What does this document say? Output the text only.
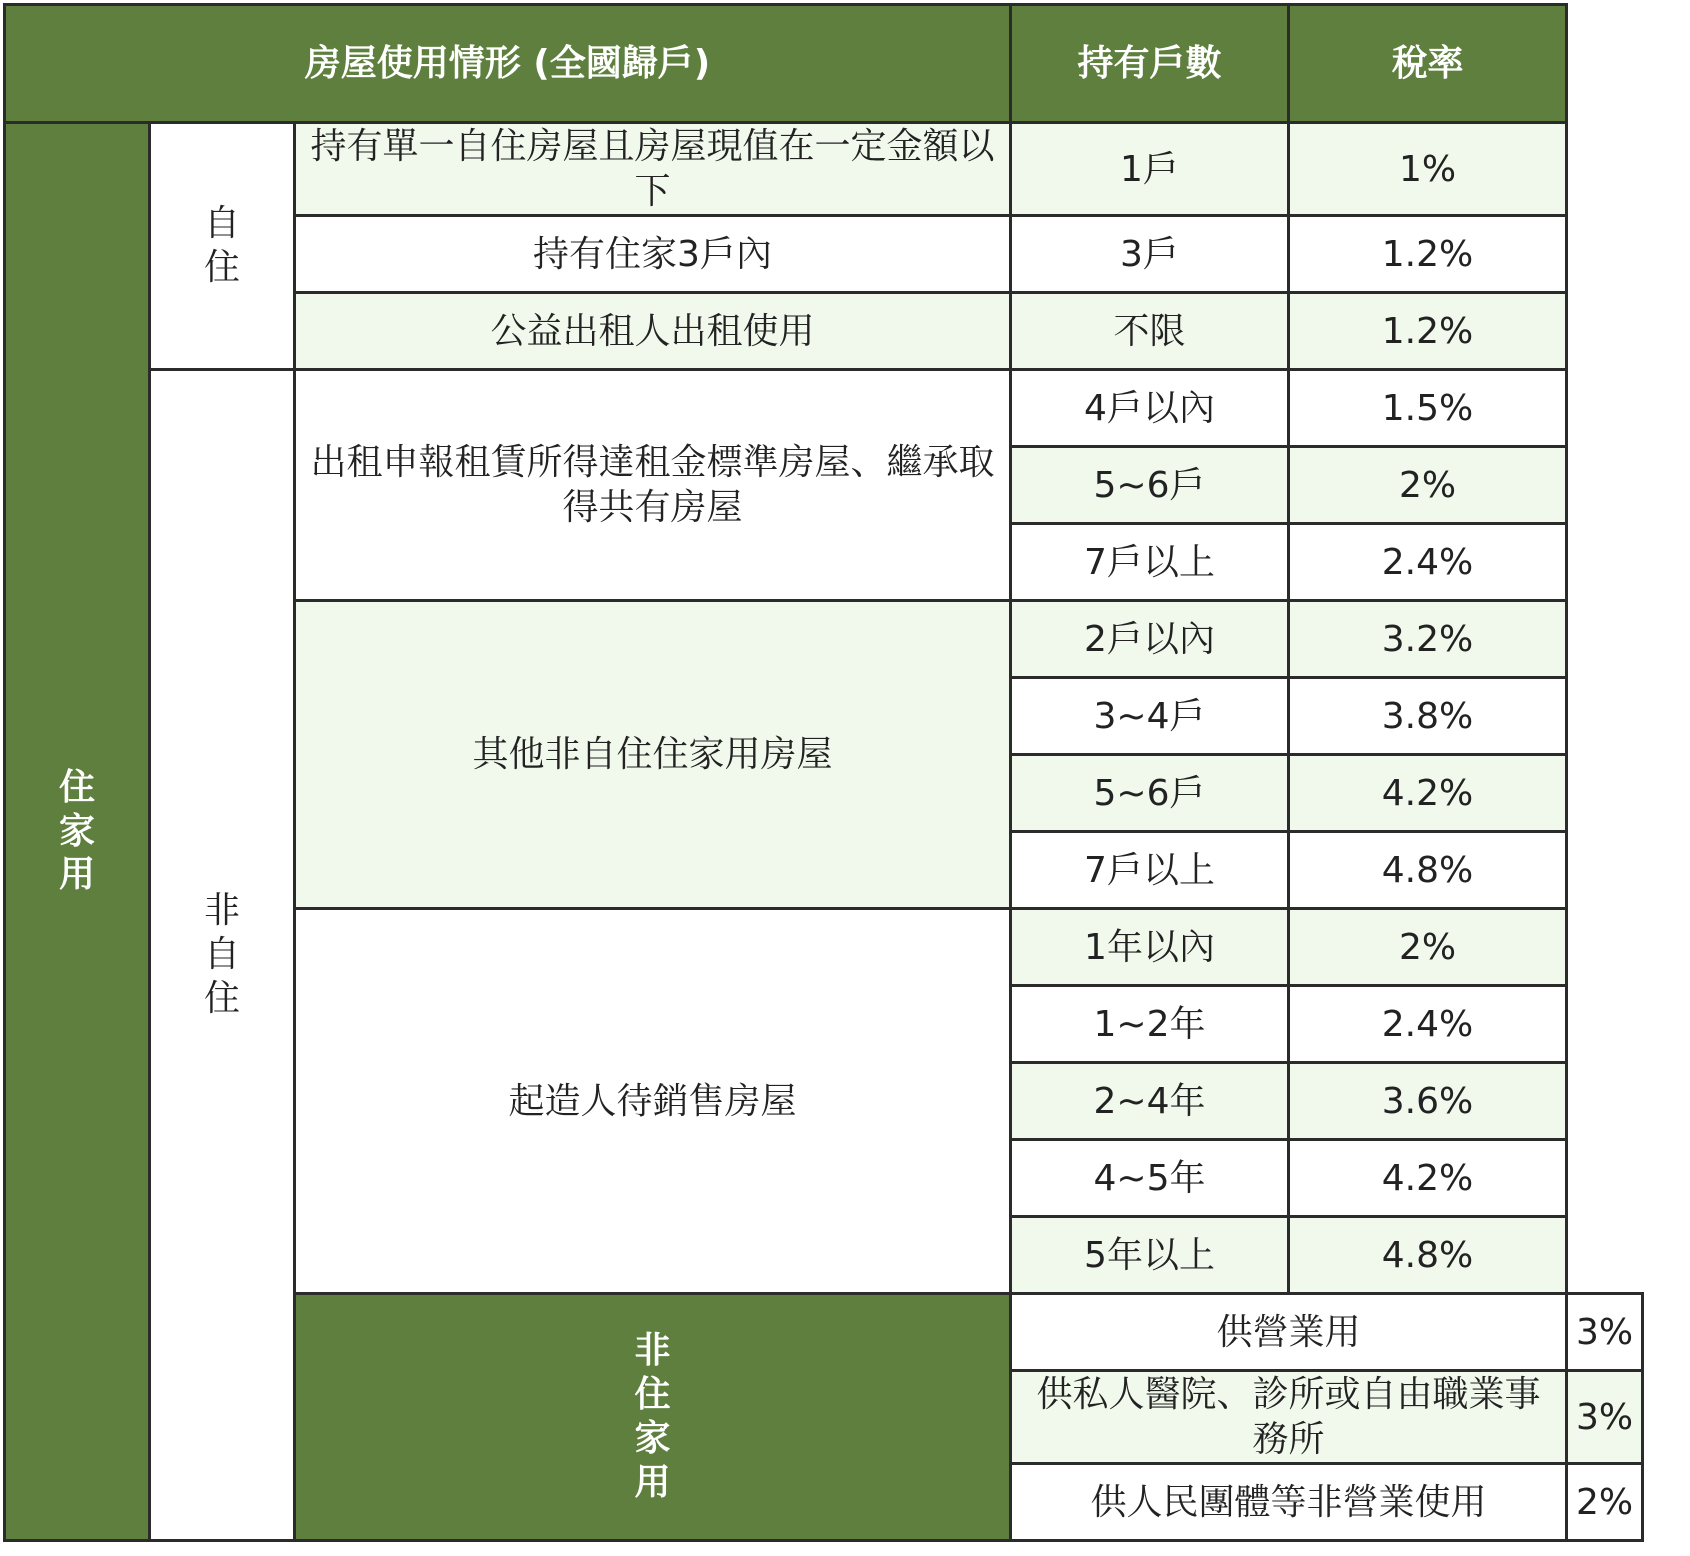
房屋使用情形 (全國歸戶)			持有戶數	稅率	
住家用	自住	持有單一自住房屋且房屋現值在一定金額以下	1戶	1%	
		持有住家3戶內	3戶	1.2%	
		公益出租人出租使用	不限	1.2%	
	非自住	出租申報租賃所得達租金標準房屋、繼承取得共有房屋	4戶以內	1.5%	
			5~6戶	2%	
			7戶以上	2.4%	
		其他非自住住家用房屋	2戶以內	3.2%	
			3~4戶	3.8%	
			5~6戶	4.2%	
			7戶以上	4.8%	
		起造人待銷售房屋	1年以內	2%	
			1~2年	2.4%	
			2~4年	3.6%	
			4~5年	4.2%	
			5年以上	4.8%	
		非住家用	供營業用		3%
			供私人醫院、診所或自由職業事務所		3%
			供人民團體等非營業使用		2%
